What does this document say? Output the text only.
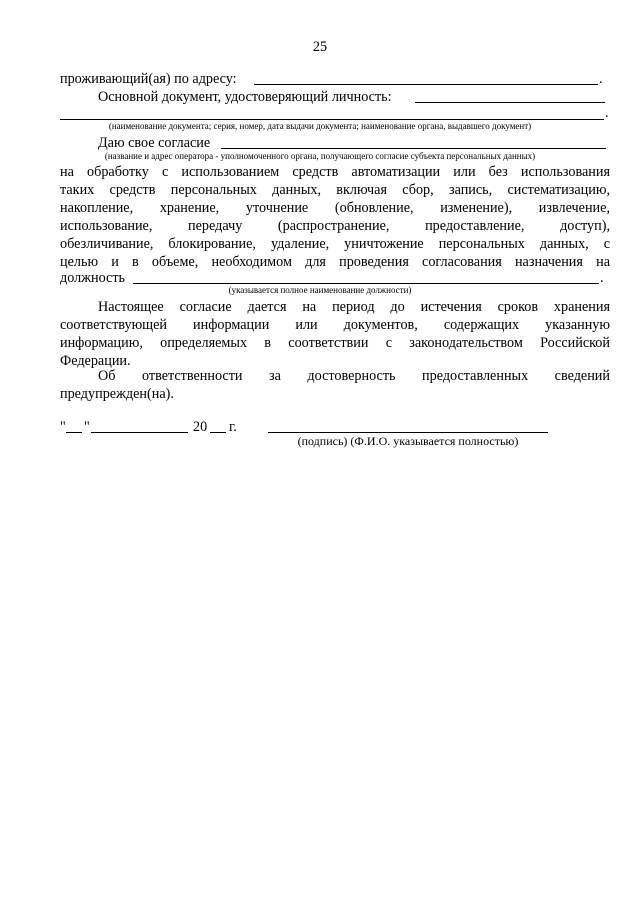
25
проживающий(ая) по адресу:	.
Основной документ, удостоверяющий личность:
.
(наименование документа; серия, номер, дата выдачи документа; наименование органа, выдавшего документ)
Даю свое согласие
(название и адрес оператора - уполномоченного органа, получающего согласие субъекта персональных данных)
на обработку с использованием средств автоматизации или без использования
таких средств персональных данных, включая сбор, запись, систематизацию,
накопление, хранение, уточнение (обновление, изменение), извлечение,
использование, передачу (распространение, предоставление, доступ),
обезличивание, блокирование, удаление, уничтожение персональных данных, с
целью и в объеме, необходимом для проведения согласования назначения на
должность	.
(указывается полное наименование должности)
Настоящее согласие дается на период до истечения сроков хранения
соответствующей информации или документов, содержащих указанную
информацию, определяемых в соответствии с законодательством Российской
Федерации.
Об ответственности за достоверность предоставленных сведений
предупрежден(на).
" "	20 г.
(подпись) (Ф.И.О. указывается полностью)
